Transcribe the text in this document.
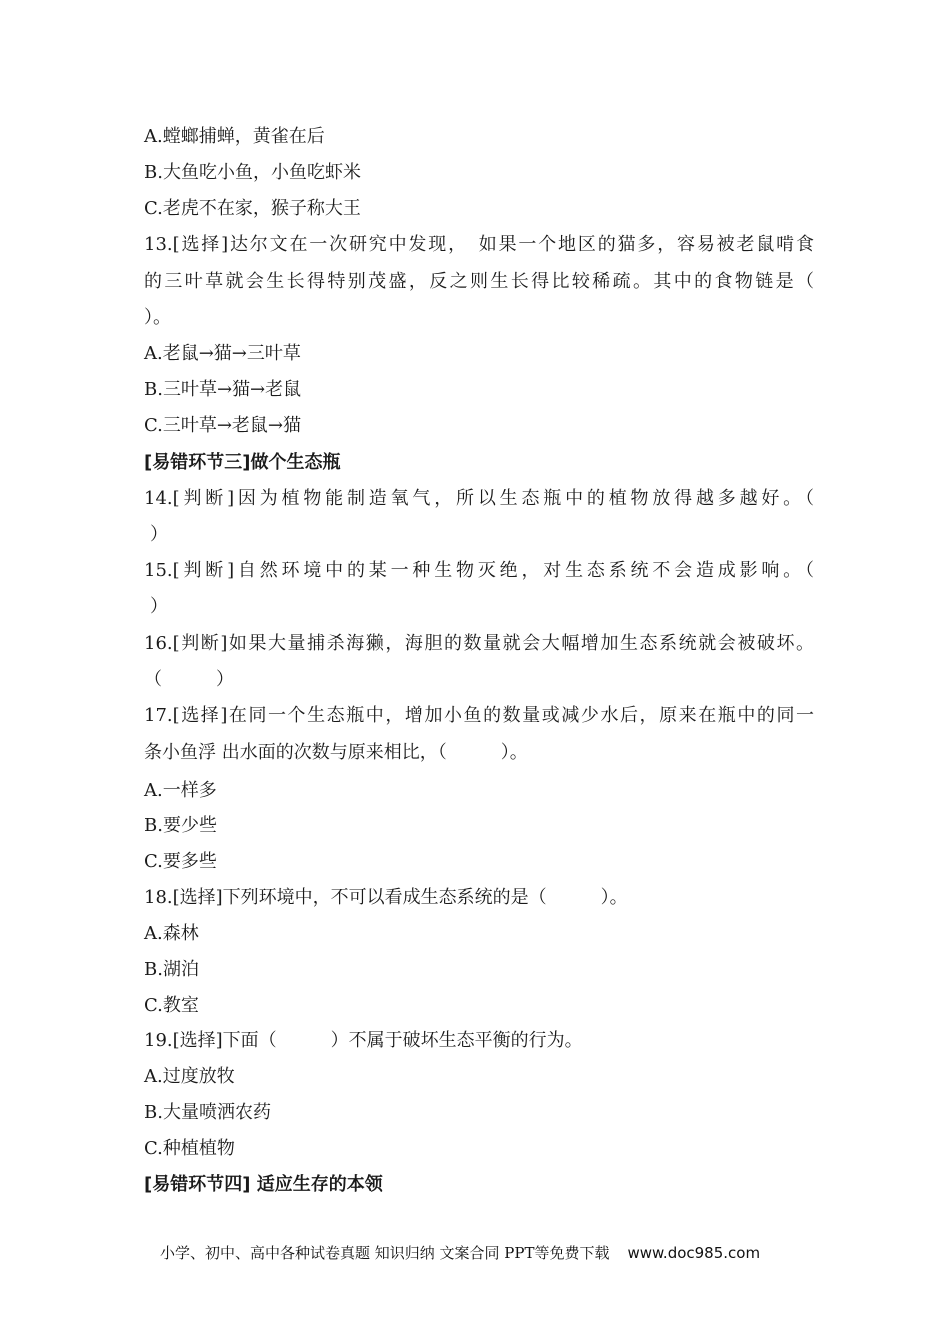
A.螳螂捕蝉，黄雀在后
B.大鱼吃小鱼，小鱼吃虾米
C.老虎不在家，猴子称大王
13.[选择]达尔文在一次研究中发现，　如果一个地区的猫多，容易被老鼠啃食
的三叶草就会生长得特别茂盛，反之则生长得比较稀疏。其中的食物链是（
）。
A.老鼠→猫→三叶草
B.三叶草→猫→老鼠
C.三叶草→老鼠→猫
[易错环节三]做个生态瓶
14.[判断]因为植物能制造氧气，所以生态瓶中的植物放得越多越好。（
）
15.[判断]自然环境中的某一种生物灭绝，对生态系统不会造成影响。（
）
16.[判断]如果大量捕杀海獭，海胆的数量就会大幅增加生态系统就会被破坏。
（　　　）
17.[选择]在同一个生态瓶中，增加小鱼的数量或减少水后，原来在瓶中的同一
条小鱼浮 出水面的次数与原来相比，（　　　）。
A.一样多
B.要少些
C.要多些
18.[选择]下列环境中，不可以看成生态系统的是（　　　）。
A.森林
B.湖泊
C.教室
19.[选择]下面（　　　）不属于破坏生态平衡的行为。
A.过度放牧
B.大量喷洒农药
C.种植植物
[易错环节四] 适应生存的本领
小学、初中、高中各种试卷真题 知识归纳 文案合同 PPT等免费下载 www.doc985.com
